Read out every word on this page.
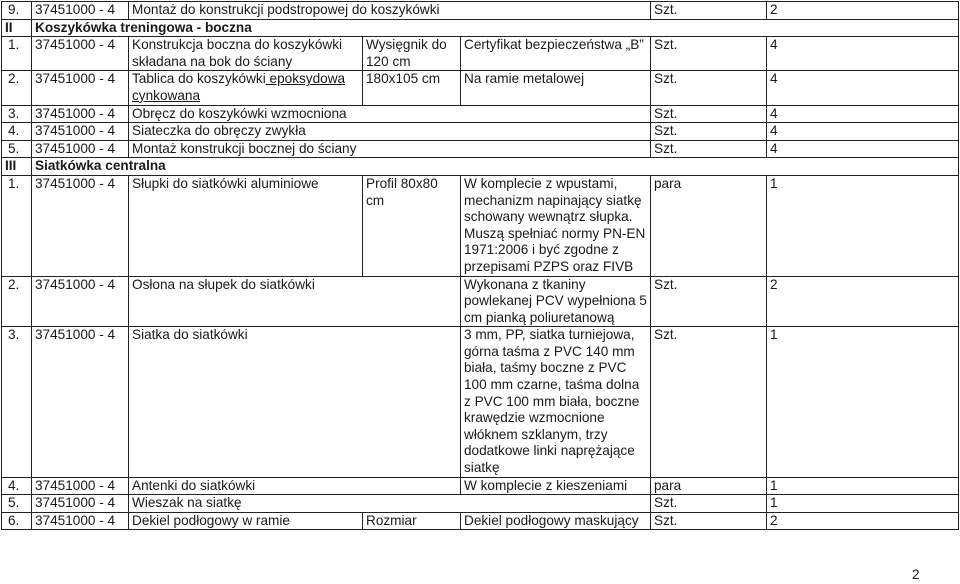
9.	37451000 - 4	Montaż do konstrukcji podstropowej do koszykówki			Szt.	2
II	Koszykówka treningowa - boczna					
1.	37451000 - 4	Konstrukcja boczna do koszykówki składana na bok do ściany	Wysięgnik do 120 cm	Certyfikat bezpieczeństwa „B”	Szt.	4
2.	37451000 - 4	Tablica do koszykówki epoksydowa cynkowana	180x105 cm	Na ramie metalowej	Szt.	4
3.	37451000 - 4	Obręcz do koszykówki wzmocniona			Szt.	4
4.	37451000 - 4	Siateczka do obręczy zwykła			Szt.	4
5.	37451000 - 4	Montaż konstrukcji bocznej do ściany			Szt.	4
III	Siatkówka centralna					
1.	37451000 - 4	Słupki do siatkówki aluminiowe	Profil 80x80 cm	W komplecie z wpustami, mechanizm napinający siatkę schowany wewnątrz słupka. Muszą spełniać normy PN-EN 1971:2006 i być zgodne z przepisami PZPS oraz FIVB	para	1
2.	37451000 - 4	Osłona na słupek do siatkówki		Wykonana z tkaniny powlekanej PCV wypełniona 5 cm pianką poliuretanową	Szt.	2
3.	37451000 - 4	Siatka do siatkówki		3 mm, PP, siatka turniejowa, górna taśma z PVC 140 mm biała, taśmy boczne z PVC 100 mm czarne, taśma dolna z PVC 100 mm biała, boczne krawędzie wzmocnione włóknem szklanym, trzy dodatkowe linki naprężające siatkę	Szt.	1
4.	37451000 - 4	Antenki do siatkówki		W komplecie z kieszeniami	para	1
5.	37451000 - 4	Wieszak na siatkę			Szt.	1
6.	37451000 - 4	Dekiel podłogowy w ramie	Rozmiar	Dekiel podłogowy maskujący	Szt.	2
2
